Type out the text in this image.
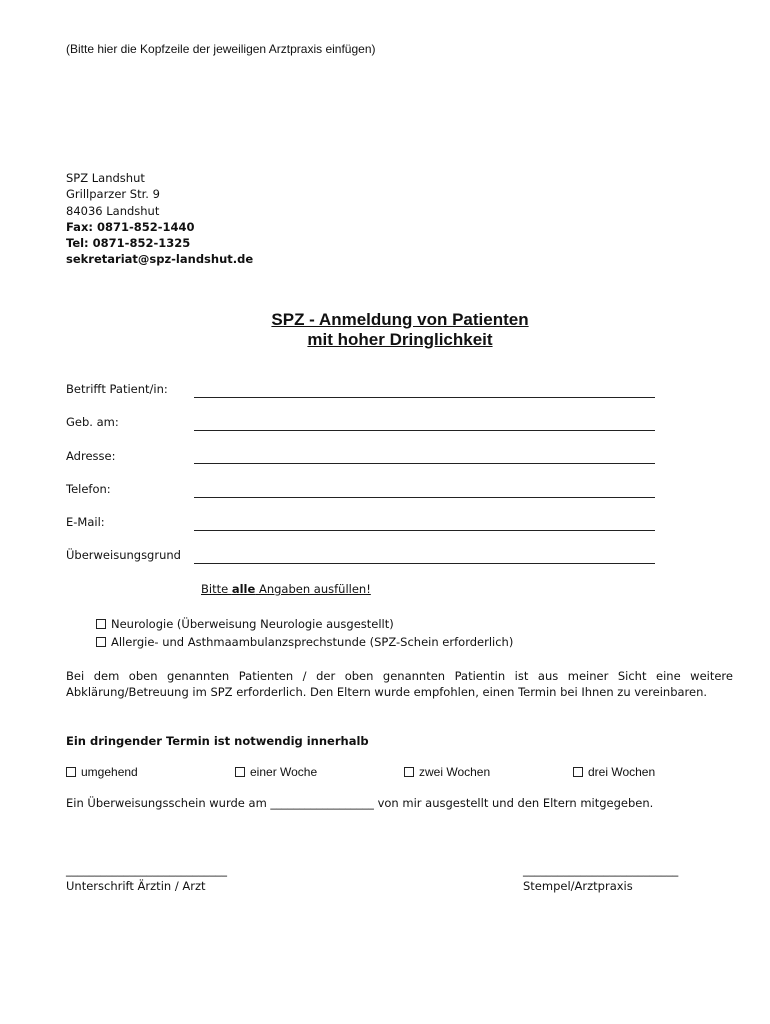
(Bitte hier die Kopfzeile der jeweiligen Arztpraxis einfügen)
SPZ Landshut
Grillparzer Str. 9
84036 Landshut
Fax: 0871-852-1440
Tel: 0871-852-1325
sekretariat@spz-landshut.de
SPZ - Anmeldung von Patienten
mit hoher Dringlichkeit
Betrifft Patient/in:
Geb. am:
Adresse:
Telefon:
E-Mail:
Überweisungsgrund
Bitte alle Angaben ausfüllen!
Neurologie (Überweisung Neurologie ausgestellt)
Allergie- und Asthmaambulanzsprechstunde (SPZ-Schein erforderlich)
Bei dem oben genannten Patienten / der oben genannten Patientin ist aus meiner Sicht eine weitere Abklärung/Betreuung im SPZ erforderlich. Den Eltern wurde empfohlen, einen Termin bei Ihnen zu vereinbaren.
Ein dringender Termin ist notwendig innerhalb
umgehend	einer Woche	zwei Wochen	drei Wochen
Ein Überweisungsschein wurde am __________________ von mir ausgestellt und den Eltern mitgegeben.
____________________________
Unterschrift Ärztin / Arzt
___________________________
Stempel/Arztpraxis
